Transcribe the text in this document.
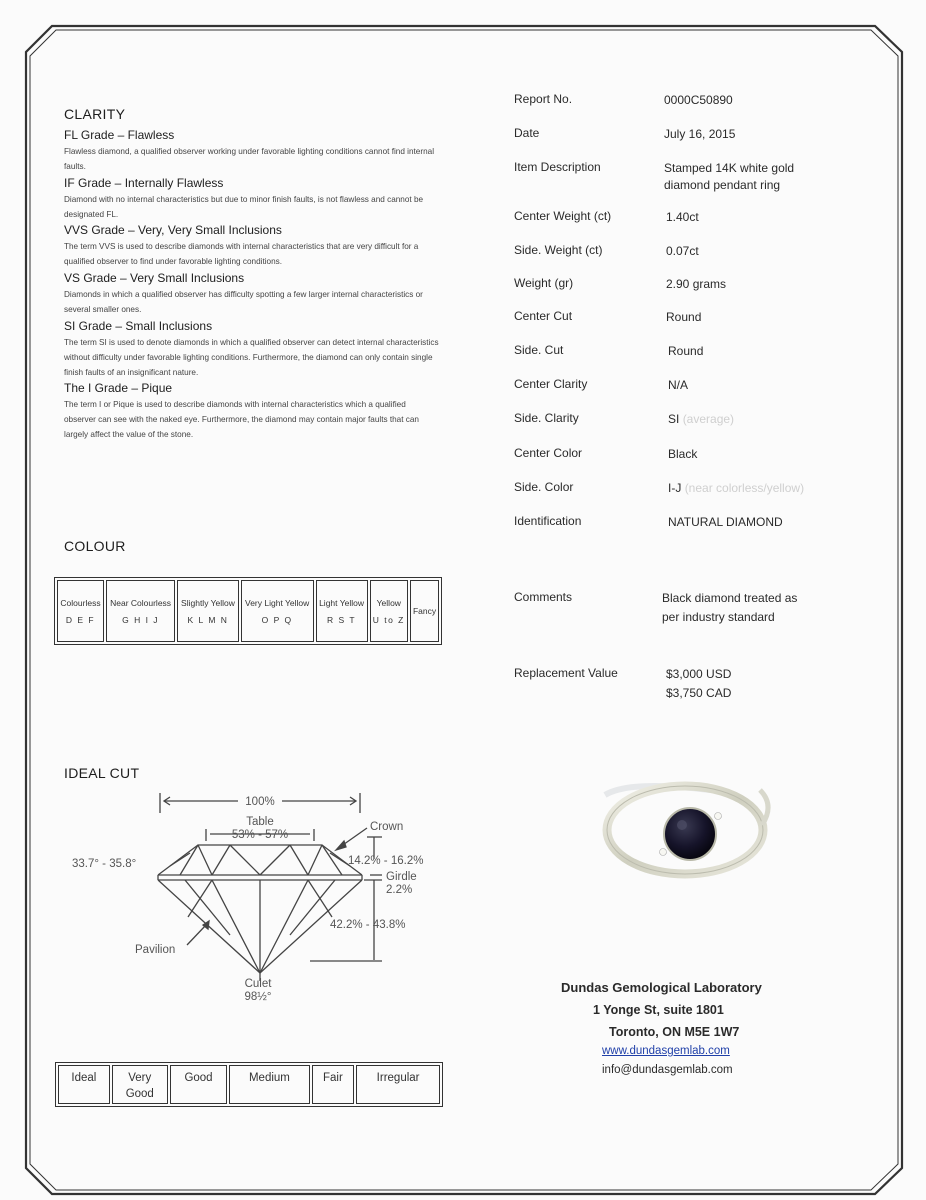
CLARITY
FL Grade – Flawless
Flawless diamond, a qualified observer working under favorable lighting conditions cannot find internal faults.
IF Grade – Internally Flawless
Diamond with no internal characteristics but due to minor finish faults, is not flawless and cannot be designated FL.
VVS Grade – Very, Very Small Inclusions
The term VVS is used to describe diamonds with internal characteristics that are very difficult for a qualified observer to find under favorable lighting conditions.
VS Grade – Very Small Inclusions
Diamonds in which a qualified observer has difficulty spotting a few larger internal characteristics or several smaller ones.
SI Grade – Small Inclusions
The term SI is used to denote diamonds in which a qualified observer can detect internal characteristics without difficulty under favorable lighting conditions. Furthermore, the diamond can only contain single finish faults of an insignificant nature.
The I Grade – Pique
The term I or Pique is used to describe diamonds with internal characteristics which a qualified observer can see with the naked eye. Furthermore, the diamond may contain major faults that can largely affect the value of the stone.
COLOUR
Colourless
D E F

Near Colourless
G H I J

Slightly Yellow
K L M N

Very Light Yellow
O P Q

Light Yellow
R S T

Yellow
U to Z

Fancy
IDEAL CUT
100%
Table
53% - 57%
Crown
33.7° - 35.8°	14.2% - 16.2%
Girdle
2.2%
42.2% - 43.8%
Pavilion
Culet
98½°
Ideal	Very Good	Good	Medium	Fair	Irregular
Report No.	0000C50890
Date	July 16, 2015
Item Description	Stamped 14K white gold
diamond pendant ring
Center Weight (ct)	1.40ct
Side. Weight (ct)	0.07ct
Weight (gr)	2.90 grams
Center Cut	Round
Side. Cut	Round
Center Clarity	N/A
Side. Clarity	SI (average)
Center Color	Black
Side. Color	I-J (near colorless/yellow)
Identification	NATURAL DIAMOND
Comments	Black diamond treated as
per industry standard
Replacement Value	$3,000 USD
$3,750 CAD
Dundas Gemological Laboratory
1 Yonge St, suite 1801
Toronto, ON M5E 1W7
www.dundasgemlab.com
info@dundasgemlab.com
